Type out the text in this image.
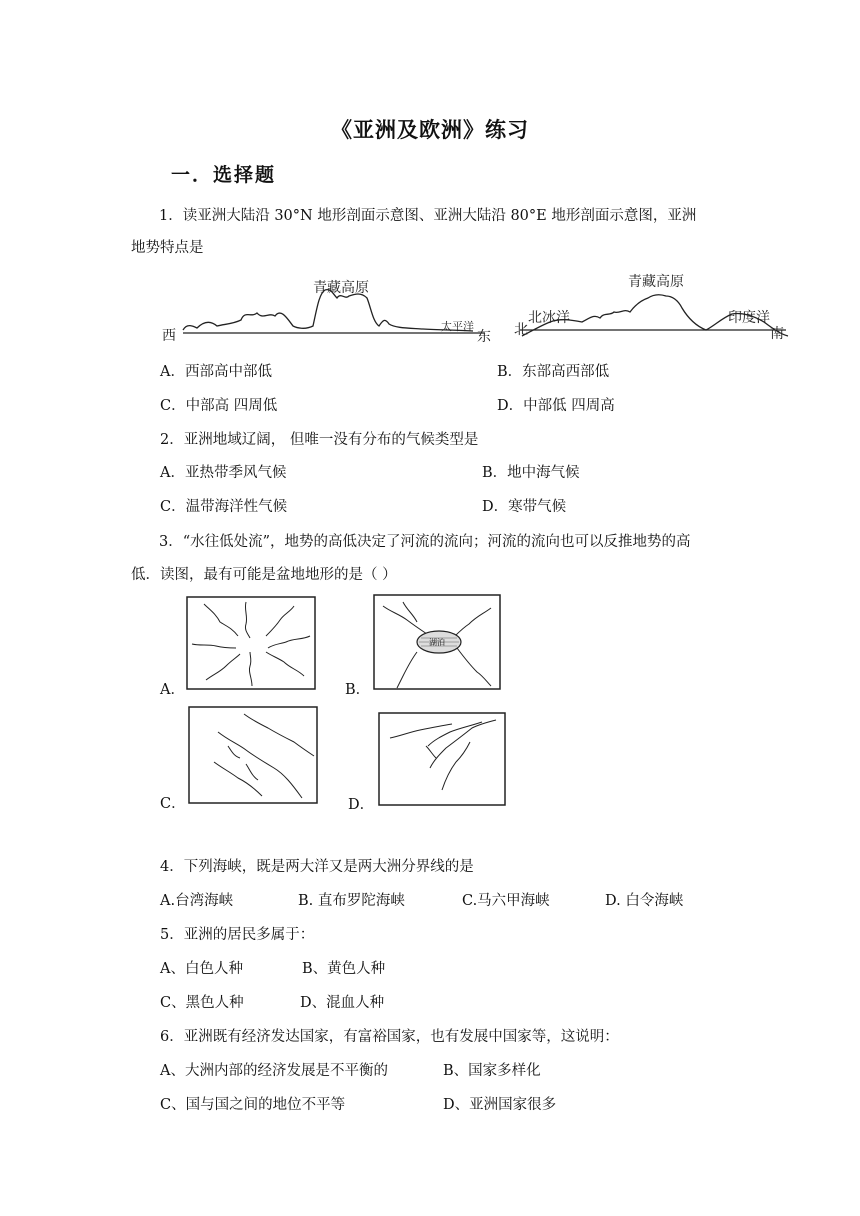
《亚洲及欧洲》练习
一．选择题
1．读亚洲大陆沿 30°N 地形剖面示意图、亚洲大陆沿 80°E 地形剖面示意图，亚洲
地势特点是
青藏高原
西	东
太平洋
青藏高原
北	南
北冰洋	印度洋
A．西部高中部低	B．东部高西部低
C．中部高 四周低	D．中部低 四周高
2．亚洲地域辽阔， 但唯一没有分布的气候类型是
A．亚热带季风气候	B．地中海气候
C．温带海洋性气候	D．寒带气候
3．“水往低处流”，地势的高低决定了河流的流向；河流的流向也可以反推地势的高
低．读图，最有可能是盆地地形的是（ ）
A．	B．
湖泊
C．	D．
4．下列海峡，既是两大洋又是两大洲分界线的是
A.台湾海峡	B. 直布罗陀海峡	C.马六甲海峡	D. 白令海峡
5．亚洲的居民多属于：
A、白色人种	B、黄色人种
C、黑色人种	D、混血人种
6．亚洲既有经济发达国家，有富裕国家，也有发展中国家等，这说明：
A、大洲内部的经济发展是不平衡的	B、国家多样化
C、国与国之间的地位不平等	D、亚洲国家很多
